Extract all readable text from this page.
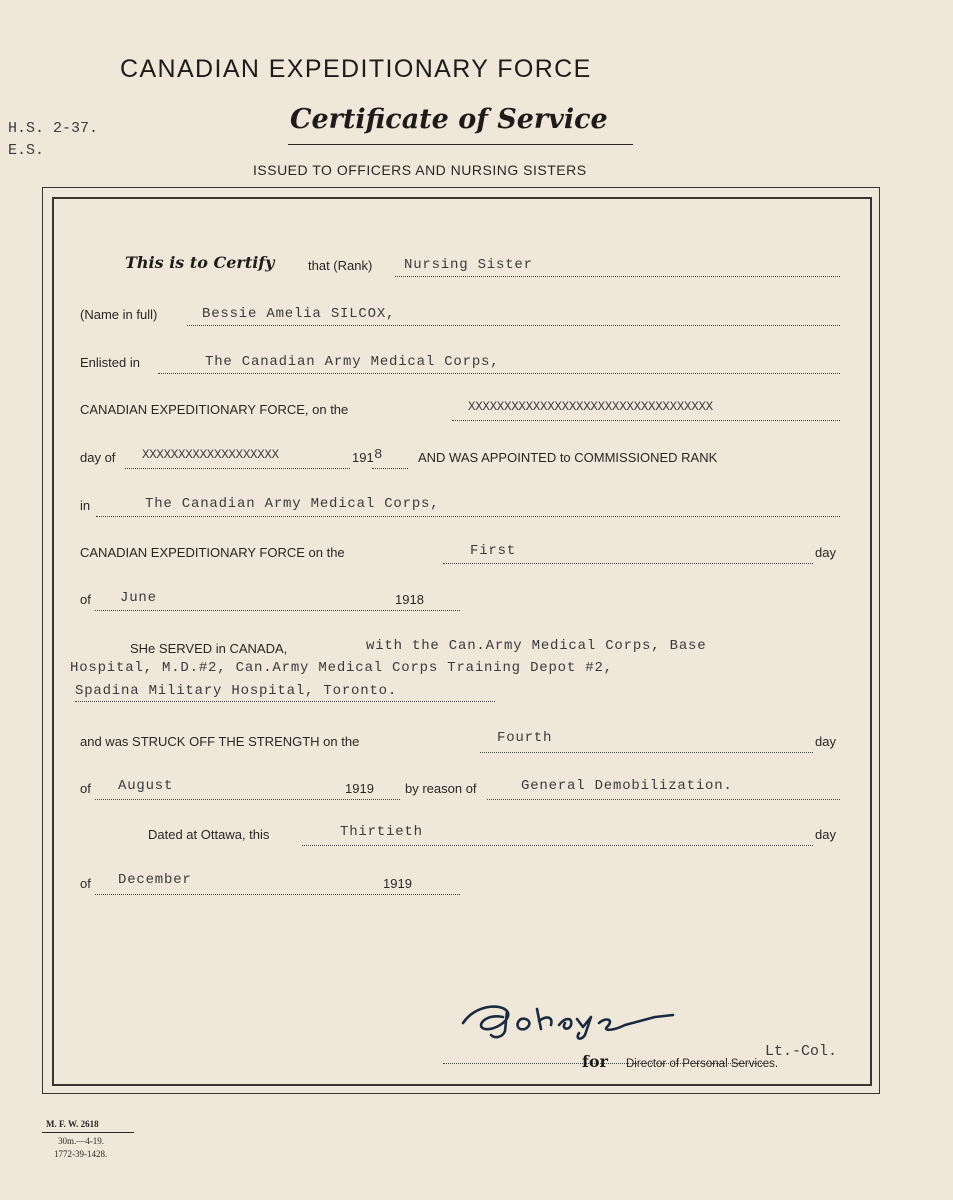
CANADIAN EXPEDITIONARY FORCE
Certificate of Service
ISSUED TO OFFICERS AND NURSING SISTERS
H.S. 2-37.
E.S.
This is to Certify	that (Rank) Nursing Sister
(Name in full)	Bessie Amelia SILCOX,
Enlisted in	The Canadian Army Medical Corps,
CANADIAN EXPEDITIONARY FORCE, on the	XXXXXXXXXXXXXXXXXXXXXXXXXXXXXXXXXX
day of XXXXXXXXXXXXXXXXXXX	191 8	AND WAS APPOINTED to COMMISSIONED RANK
in	The Canadian Army Medical Corps,
CANADIAN EXPEDITIONARY FORCE on the	First	day
of June	1918
SHe SERVED in CANADA,	with the Can.Army Medical Corps, Base
Hospital, M.D.#2, Can.Army Medical Corps Training Depot #2,
Spadina Military Hospital, Toronto.
and was STRUCK OFF THE STRENGTH on the	Fourth	day
of August	1919 by reason of	General Demobilization.
Dated at Ottawa, this	Thirtieth	day
of December	1919
Lt.-Col.
for Director of Personal Services.
M. F. W. 2618
30m.—4-19.
1772-39-1428.
